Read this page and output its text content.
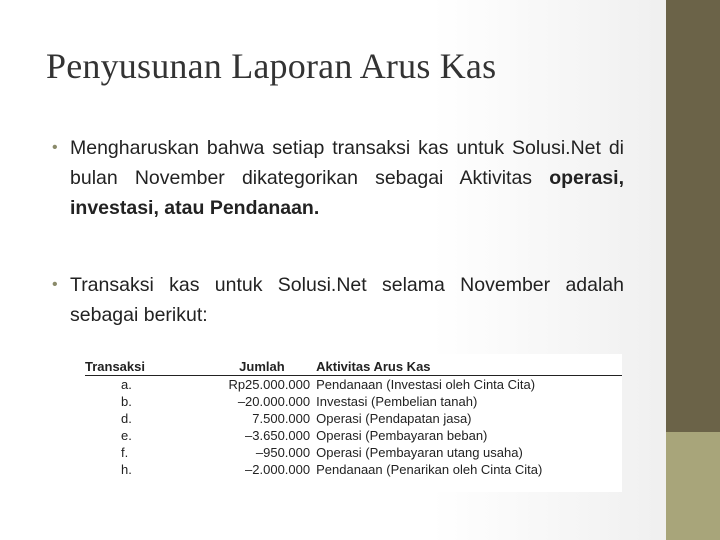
Penyusunan Laporan Arus Kas
• Mengharuskan bahwa setiap transaksi kas untuk Solusi.Net di bulan November dikategorikan sebagai Aktivitas operasi, investasi, atau Pendanaan.
• Transaksi kas untuk Solusi.Net selama November adalah sebagai berikut:
Transaksi	Jumlah	Aktivitas Arus Kas
a.	Rp25.000.000	Pendanaan (Investasi oleh Cinta Cita)
b.	–20.000.000	Investasi (Pembelian tanah)
d.	7.500.000	Operasi (Pendapatan jasa)
e.	–3.650.000	Operasi (Pembayaran beban)
f.	–950.000	Operasi (Pembayaran utang usaha)
h.	–2.000.000	Pendanaan (Penarikan oleh Cinta Cita)
